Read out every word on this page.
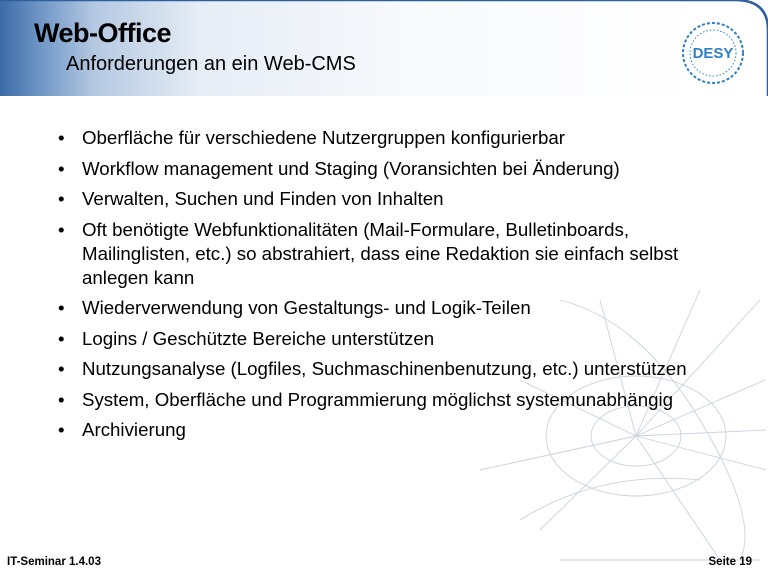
Web-Office
Anforderungen an ein Web-CMS	DESY
• Oberfläche für verschiedene Nutzergruppen konfigurierbar
• Workflow management und Staging (Voransichten bei Änderung)
• Verwalten, Suchen und Finden von Inhalten
• Oft benötigte Webfunktionalitäten (Mail-Formulare, Bulletinboards, Mailinglisten, etc.) so abstrahiert, dass eine Redaktion sie einfach selbst anlegen kann
• Wiederverwendung von Gestaltungs- und Logik-Teilen
• Logins / Geschützte Bereiche unterstützen
• Nutzungsanalyse (Logfiles, Suchmaschinenbenutzung, etc.) unterstützen
• System, Oberfläche und Programmierung möglichst systemunabhängig
• Archivierung
IT-Seminar 1.4.03	Seite 19
